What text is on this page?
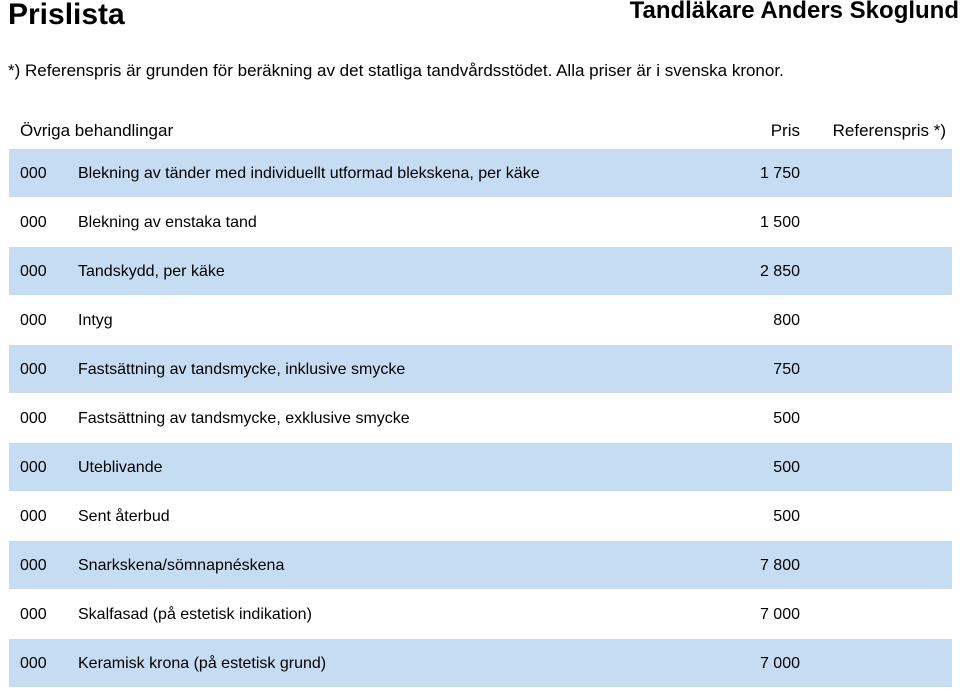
Prislista	Tandläkare Anders Skoglund
*) Referenspris är grunden för beräkning av det statliga tandvårdsstödet. Alla priser är i svenska kronor.
Övriga behandlingar	Pris Referenspris *)
000 Blekning av tänder med individuellt utformad blekskena, per käke	1 750
000 Blekning av enstaka tand	1 500
000 Tandskydd, per käke	2 850
000 Intyg	800
000 Fastsättning av tandsmycke, inklusive smycke	750
000 Fastsättning av tandsmycke, exklusive smycke	500
000 Uteblivande	500
000 Sent återbud	500
000 Snarkskena/sömnapnéskena	7 800
000 Skalfasad (på estetisk indikation)	7 000
000 Keramisk krona (på estetisk grund)	7 000
